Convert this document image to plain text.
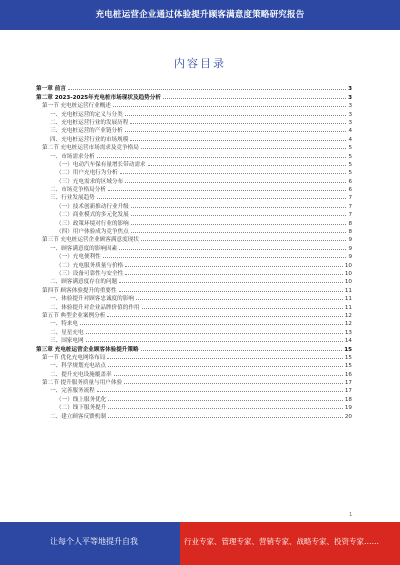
充电桩运营企业通过体验提升顾客满意度策略研究报告
内容目录
第一章 前言	3
第二章 2023-2025年充电桩市场现状及趋势分析	3
第一节 充电桩运营行业概述	3
一、充电桩运营的定义与分类	3
二、充电桩运营行业的发展历程	3
三、充电桩运营的产业链分析	4
四、充电桩运营行业的市场规模	4
第二节 充电桩运营市场需求及竞争格局	5
一、市场需求分析	5
（一）电动汽车保有量增长带动需求	5
（二）用户充电行为分析	5
（三）充电需求的区域分布	6
二、市场竞争格局分析	6
三、行业发展趋势	7
（一）技术创新推动行业升级	7
（二）商业模式的多元化发展	7
（三）政策环境对行业的影响	8
（四）用户体验成为竞争焦点	8
第三节 充电桩运营企业顾客满意度现状	9
一、顾客满意度的影响因素	9
（一）充电便利性	9
（二）充电服务质量与价格	10
（三）设备可靠性与安全性	10
二、顾客满意度存在的问题	10
第四节 顾客体验提升的重要性	11
一、体验提升对顾客忠诚度的影响	11
二、体验提升对企业品牌价值的作用	11
第五节 典型企业案例分析	12
一、特来电	12
二、星星充电	13
三、国家电网	14
第三章 充电桩运营企业顾客体验提升策略	15
第一节 优化充电网络布局	15
一、科学规划充电站点	15
二、提升充电设施覆盖率	16
第二节 提升服务质量与用户体验	17
一、完善服务流程	17
（一）线上服务优化	18
（二）线下服务提升	19
二、建立顾客反馈机制	20
1
让每个人平等地提升自我	行业专家、管理专家、营销专家、战略专家、投资专家……
